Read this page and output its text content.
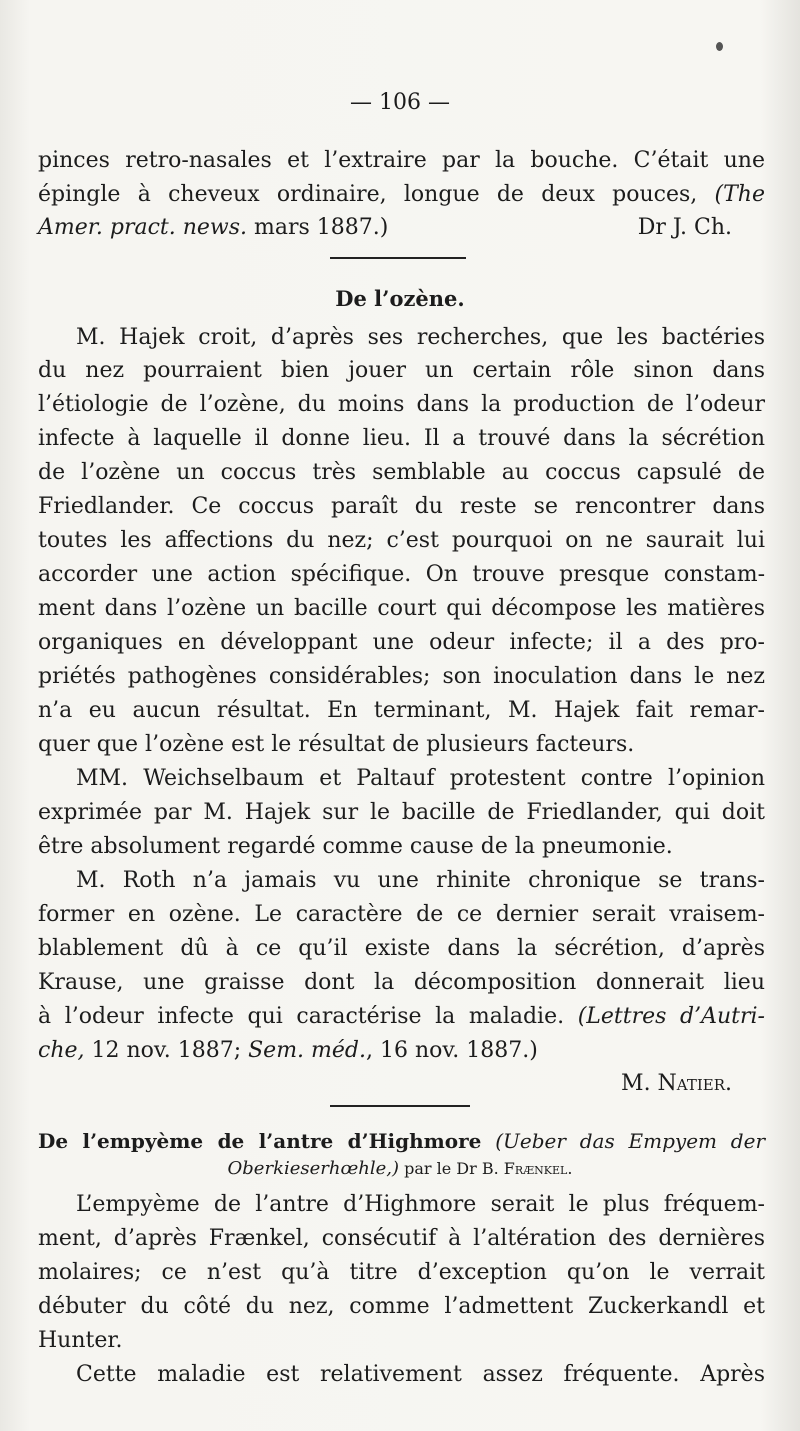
— 106 —
pinces retro-nasales et l’extraire par la bouche. C’était une
épingle à cheveux ordinaire, longue de deux pouces, (The
Amer. pract. news. mars 1887.)	Dr J. Ch.
De l’ozène.
M. Hajek croit, d’après ses recherches, que les bactéries
du nez pourraient bien jouer un certain rôle sinon dans
l’étiologie de l’ozène, du moins dans la production de l’odeur
infecte à laquelle il donne lieu. Il a trouvé dans la sécrétion
de l’ozène un coccus très semblable au coccus capsulé de
Friedlander. Ce coccus paraît du reste se rencontrer dans
toutes les affections du nez; c’est pourquoi on ne saurait lui
accorder une action spécifique. On trouve presque constam-
ment dans l’ozène un bacille court qui décompose les matières
organiques en développant une odeur infecte; il a des pro-
priétés pathogènes considérables; son inoculation dans le nez
n’a eu aucun résultat. En terminant, M. Hajek fait remar-
quer que l’ozène est le résultat de plusieurs facteurs.
MM. Weichselbaum et Paltauf protestent contre l’opinion
exprimée par M. Hajek sur le bacille de Friedlander, qui doit
être absolument regardé comme cause de la pneumonie.
M. Roth n’a jamais vu une rhinite chronique se trans-
former en ozène. Le caractère de ce dernier serait vraisem-
blablement dû à ce qu’il existe dans la sécrétion, d’après
Krause, une graisse dont la décomposition donnerait lieu
à l’odeur infecte qui caractérise la maladie. (Lettres d’Autri-
che, 12 nov. 1887; Sem. méd., 16 nov. 1887.)
M. Natier.
De l’empyème de l’antre d’Highmore (Ueber das Empyem der
Oberkieserhœhle,) par le Dr B. Frænkel.
L’empyème de l’antre d’Highmore serait le plus fréquem-
ment, d’après Frænkel, consécutif à l’altération des dernières
molaires; ce n’est qu’à titre d’exception qu’on le verrait
débuter du côté du nez, comme l’admettent Zuckerkandl et
Hunter.
Cette maladie est relativement assez fréquente. Après
